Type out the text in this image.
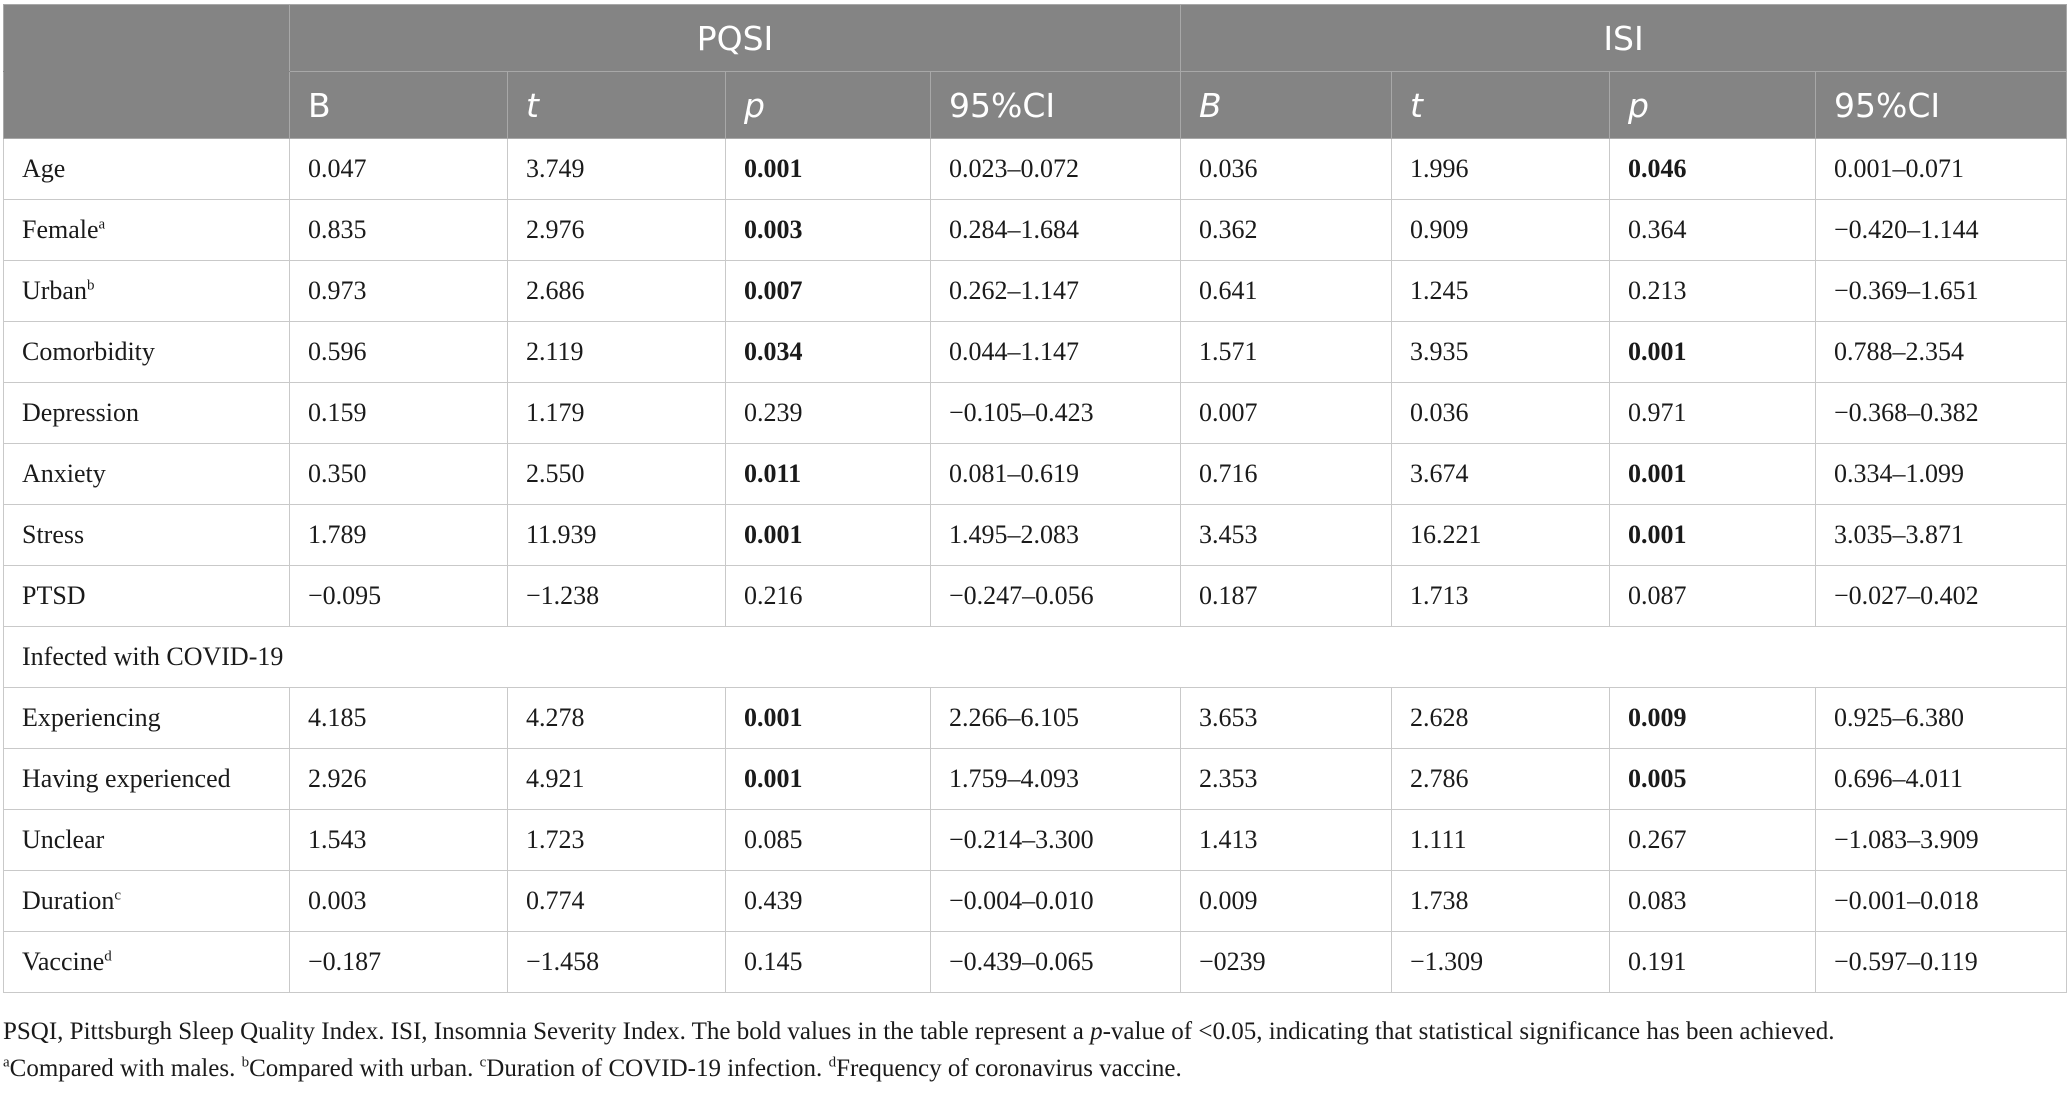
	PQSI				ISI			
	B	t	p	95%CI	B	t	p	95%CI
Age	0.047	3.749	0.001	0.023–0.072	0.036	1.996	0.046	0.001–0.071
Female$^a$	0.835	2.976	0.003	0.284–1.684	0.362	0.909	0.364	−0.420–1.144
Urban$^b$	0.973	2.686	0.007	0.262–1.147	0.641	1.245	0.213	−0.369–1.651
Comorbidity	0.596	2.119	0.034	0.044–1.147	1.571	3.935	0.001	0.788–2.354
Depression	0.159	1.179	0.239	−0.105–0.423	0.007	0.036	0.971	−0.368–0.382
Anxiety	0.350	2.550	0.011	0.081–0.619	0.716	3.674	0.001	0.334–1.099
Stress	1.789	11.939	0.001	1.495–2.083	3.453	16.221	0.001	3.035–3.871
PTSD	−0.095	−1.238	0.216	−0.247–0.056	0.187	1.713	0.087	−0.027–0.402
Infected with COVID-19								
Experiencing	4.185	4.278	0.001	2.266–6.105	3.653	2.628	0.009	0.925–6.380
Having experienced	2.926	4.921	0.001	1.759–4.093	2.353	2.786	0.005	0.696–4.011
Unclear	1.543	1.723	0.085	−0.214–3.300	1.413	1.111	0.267	−1.083–3.909
Duration$^c$	0.003	0.774	0.439	−0.004–0.010	0.009	1.738	0.083	−0.001–0.018
Vaccine$^d$	−0.187	−1.458	0.145	−0.439–0.065	−0239	−1.309	0.191	−0.597–0.119
PSQI, Pittsburgh Sleep Quality Index. ISI, Insomnia Severity Index. The bold values in the table represent a p-value of <0.05, indicating that statistical significance has been achieved.
$^a$Compared with males. $^b$Compared with urban. $^c$Duration of COVID-19 infection. $^d$Frequency of coronavirus vaccine.
